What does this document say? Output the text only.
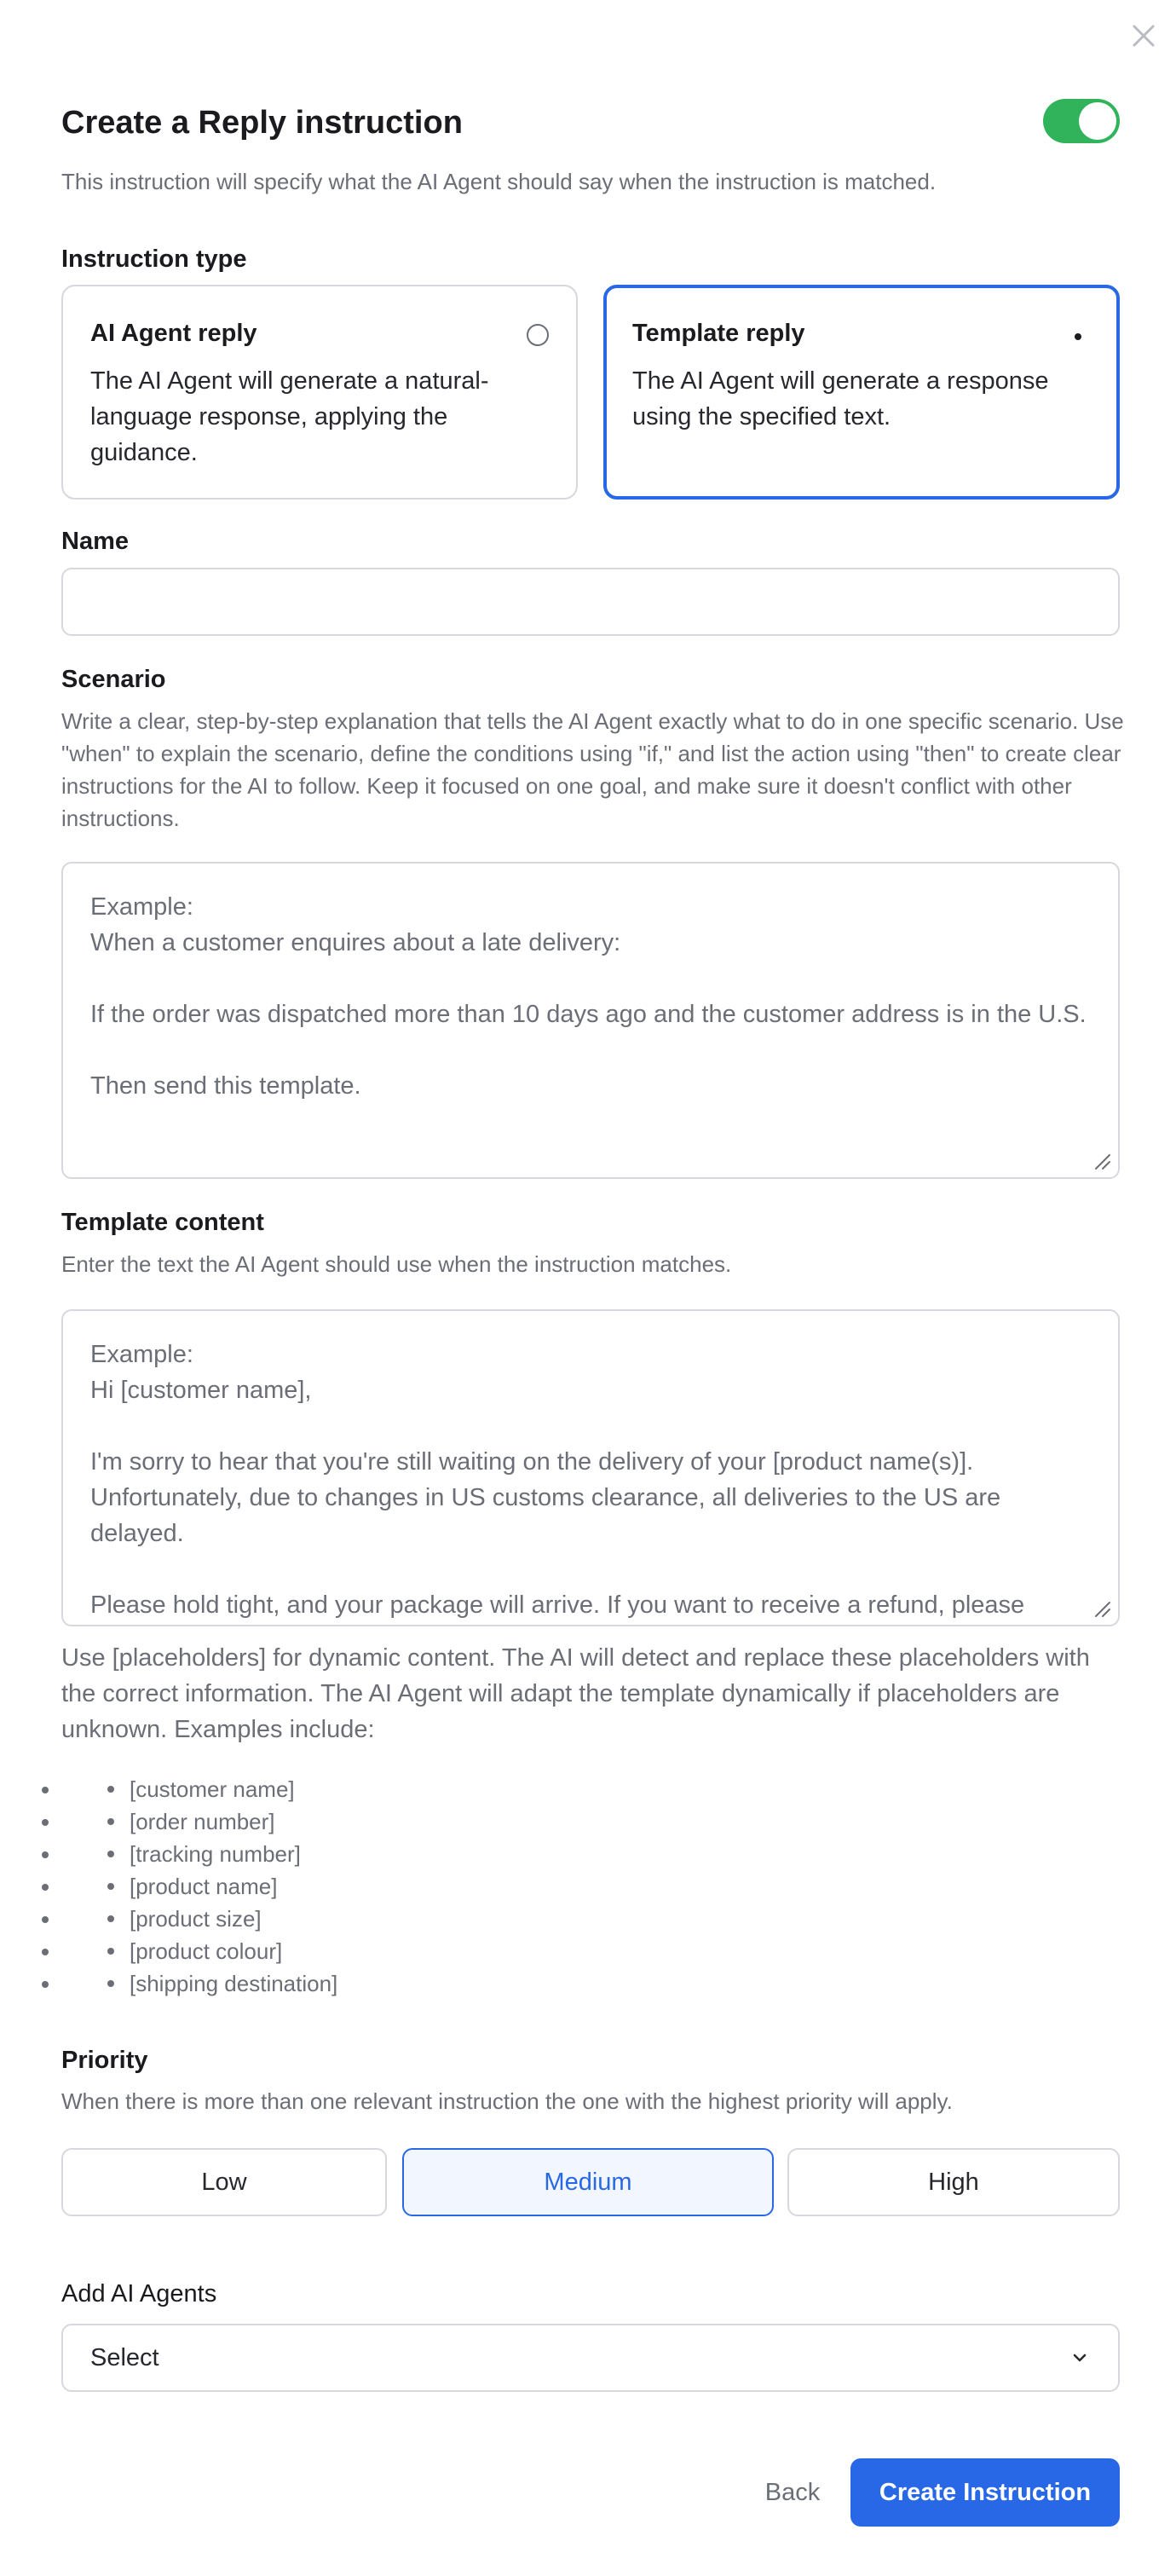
Create a Reply instruction

This instruction will specify what the AI Agent should say when the instruction is matched.

Instruction type
AI Agent reply
The AI Agent will generate a natural-language response, applying the guidance.
Template reply
The AI Agent will generate a response using the specified text.
Name
Scenario

Write a clear, step-by-step explanation that tells the AI Agent exactly what to do in one specific scenario. Use "when" to explain the scenario, define the conditions using "if," and list the action using "then" to create clear instructions for the AI to follow. Keep it focused on one goal, and make sure it doesn't conflict with other instructions.

Example:
When a customer enquires about a late delivery:

If the order was dispatched more than 10 days ago and the customer address is in the U.S.

Then send this template.
Template content

Enter the text the AI Agent should use when the instruction matches.

Example:
Hi [customer name],

I'm sorry to hear that you're still waiting on the delivery of your [product name(s)]. Unfortunately, due to changes in US customs clearance, all deliveries to the US are delayed.

Please hold tight, and your package will arrive. If you want to receive a refund, please

Use [placeholders] for dynamic content. The AI will detect and replace these placeholders with the correct information. The AI Agent will adapt the template dynamically if placeholders are unknown. Examples include:

• [customer name]
• [order number]
• [tracking number]
• [product name]
• [product size]
• [product colour]
• [shipping destination]
Priority

When there is more than one relevant instruction the one with the highest priority will apply.

Low	Medium	High
Add AI Agents
Select
Back	Create Instruction
